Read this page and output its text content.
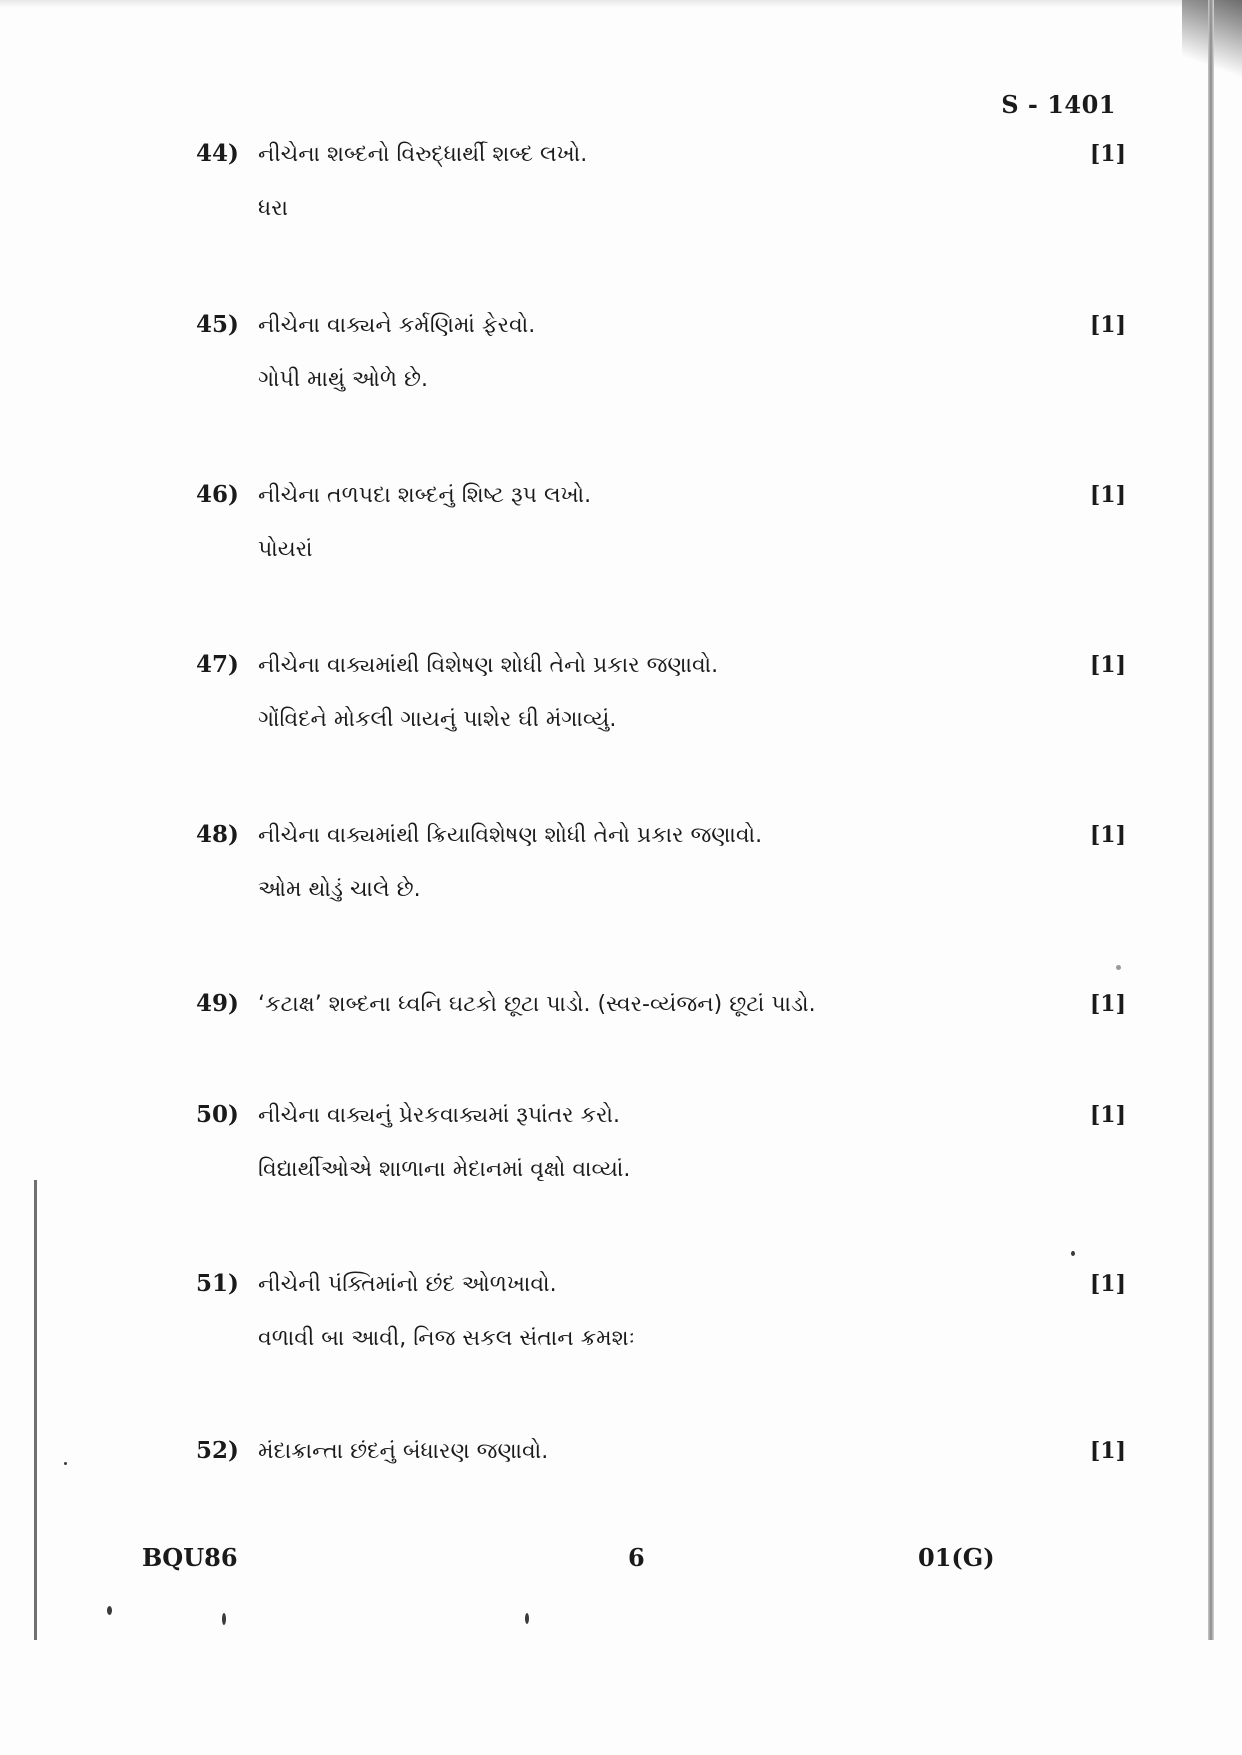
S - 1401
44) નીચેના શબ્દનો વિરુદ્ધાર્થી શબ્દ લખો.	[1]
ધરા
45) નીચેના વાક્યને કર્મણિમાં ફેરવો.	[1]
ગોપી માથું ઓળે છે.
46) નીચેના તળપદા શબ્દનું શિષ્ટ રૂપ લખો.	[1]
પોયરાં
47) નીચેના વાક્યમાંથી વિશેષણ શોધી તેનો પ્રકાર જણાવો.	[1]
ગોંવિદને મોકલી ગાયનું પાશેર ઘી મંગાવ્યું.
48) નીચેના વાક્યમાંથી ક્રિયાવિશેષણ શોધી તેનો પ્રકાર જણાવો.	[1]
ઓમ થોડું ચાલે છે.
49) ‘કટાક્ષ’ શબ્દના ધ્વનિ ઘટકો છૂટા પાડો. (સ્વર-વ્યંજન) છૂટાં પાડો.	[1]
50) નીચેના વાક્યનું પ્રેરકવાક્યમાં રૂપાંતર કરો.	[1]
વિદ્યાર્થીઓએ શાળાના મેદાનમાં વૃક્ષો વાવ્યાં.
51) નીચેની પંક્તિમાંનો છંદ ઓળખાવો.	[1]
વળાવી બા આવી, નિજ સકલ સંતાન ક્રમશઃ
52) મંદાક્રાન્તા છંદનું બંધારણ જણાવો.	[1]
BQU86	6	01(G)
